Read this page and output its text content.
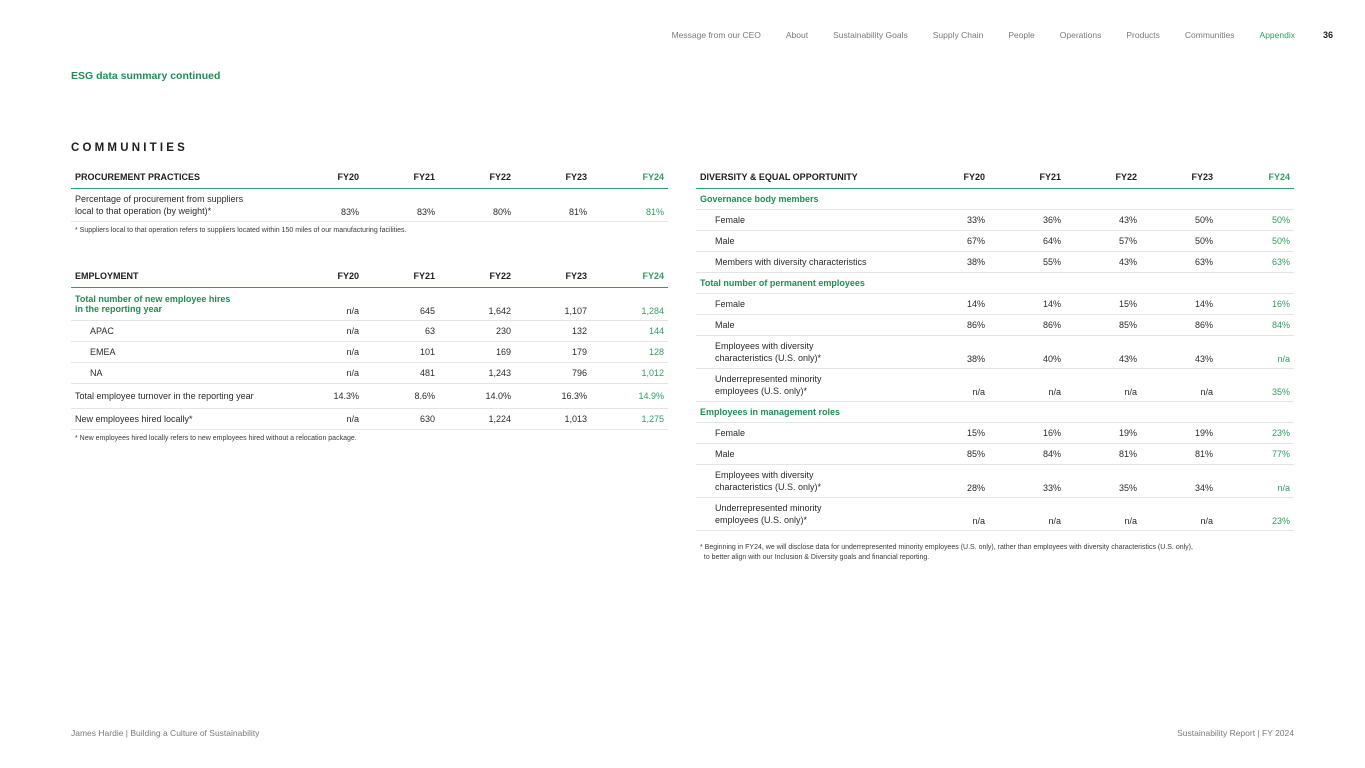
Message from our CEO	About	Sustainability Goals	Supply Chain	People	Operations	Products	Communities	Appendix	36
ESG data summary continued
COMMUNITIES
PROCUREMENT PRACTICES	FY20	FY21	FY22	FY23	FY24
Percentage of procurement from suppliers
local to that operation (by weight)*	83%	83%	80%	81%	81%
* Suppliers local to that operation refers to suppliers located within 150 miles of our manufacturing facilities.
EMPLOYMENT	FY20	FY21	FY22	FY23	FY24
Total number of new employee hires
in the reporting year	n/a	645	1,642	1,107	1,284
APAC	n/a	63	230	132	144
EMEA	n/a	101	169	179	128
NA	n/a	481	1,243	796	1,012
Total employee turnover in the reporting year	14.3%	8.6%	14.0%	16.3%	14.9%
New employees hired locally*	n/a	630	1,224	1,013	1,275
* New employees hired locally refers to new employees hired without a relocation package.
DIVERSITY & EQUAL OPPORTUNITY	FY20	FY21	FY22	FY23	FY24
Governance body members					
Female	33%	36%	43%	50%	50%
Male	67%	64%	57%	50%	50%
Members with diversity characteristics	38%	55%	43%	63%	63%
Total number of permanent employees					
Female	14%	14%	15%	14%	16%
Male	86%	86%	85%	86%	84%
Employees with diversity
characteristics (U.S. only)*	38%	40%	43%	43%	n/a
Underrepresented minority
employees (U.S. only)*	n/a	n/a	n/a	n/a	35%
Employees in management roles					
Female	15%	16%	19%	19%	23%
Male	85%	84%	81%	81%	77%
Employees with diversity
characteristics (U.S. only)*	28%	33%	35%	34%	n/a
Underrepresented minority
employees (U.S. only)*	n/a	n/a	n/a	n/a	23%
* Beginning in FY24, we will disclose data for underrepresented minority employees (U.S. only), rather than employees with diversity characteristics (U.S. only),
to better align with our Inclusion & Diversity goals and financial reporting.
James Hardie | Building a Culture of Sustainability	Sustainability Report | FY 2024
